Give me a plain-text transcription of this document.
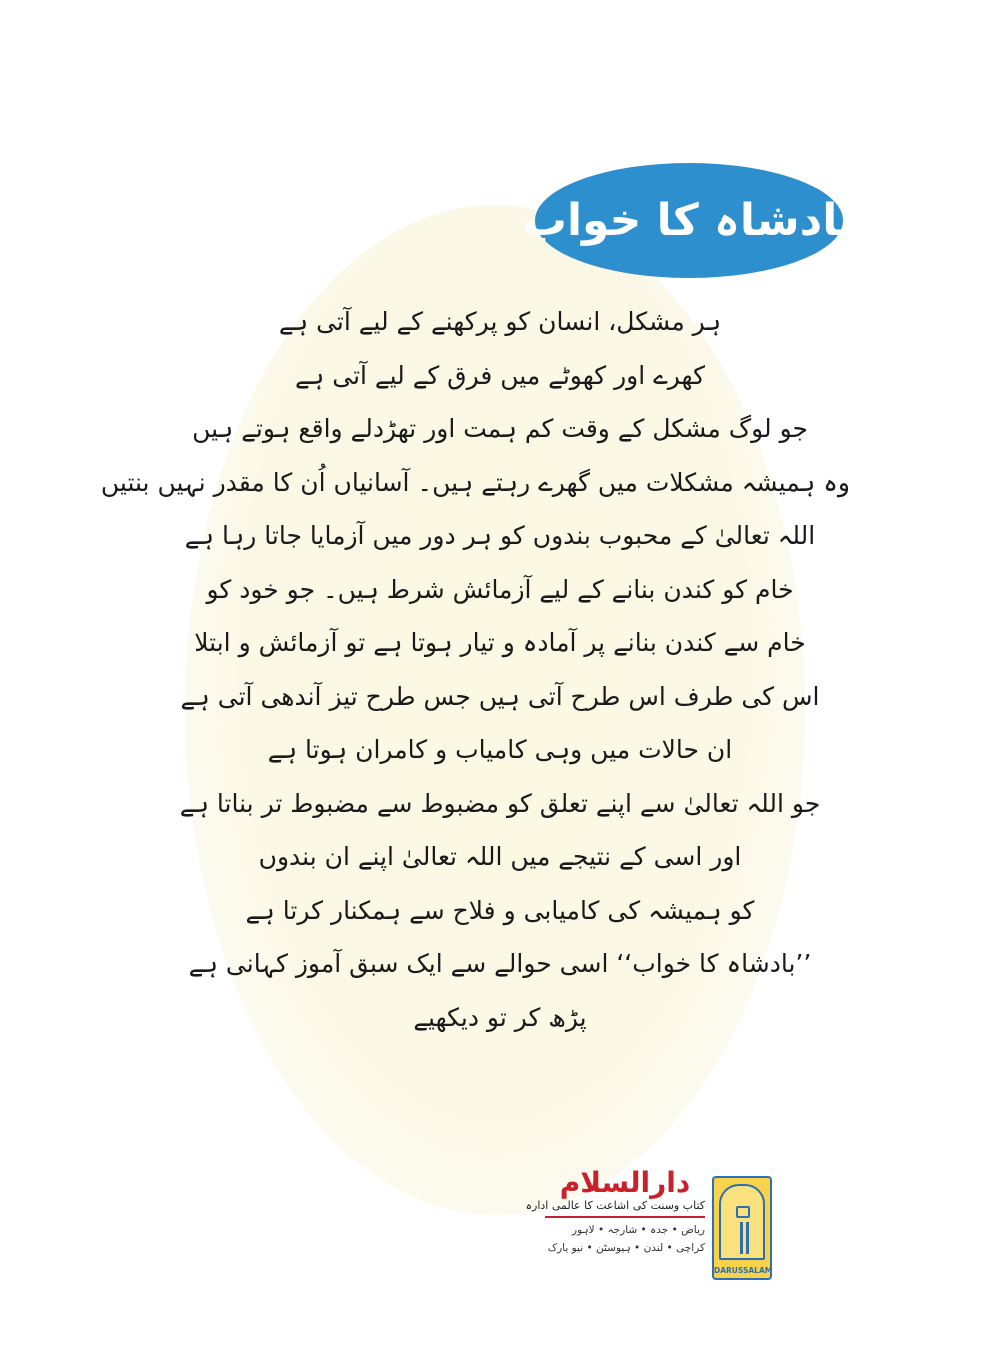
بادشاہ کا خواب
ہر مشکل، انسان کو پرکھنے کے لیے آتی ہے
کھرے اور کھوٹے میں فرق کے لیے آتی ہے
جو لوگ مشکل کے وقت کم ہمت اور تھڑدلے واقع ہوتے ہیں
وہ ہمیشہ مشکلات میں گھرے رہتے ہیں۔ آسانیاں اُن کا مقدر نہیں بنتیں
اللہ تعالیٰ کے محبوب بندوں کو ہر دور میں آزمایا جاتا رہا ہے
خام کو کندن بنانے کے لیے آزمائش شرط ہیں۔ جو خود کو
خام سے کندن بنانے پر آمادہ و تیار ہوتا ہے تو آزمائش و ابتلا
اس کی طرف اس طرح آتی ہیں جس طرح تیز آندھی آتی ہے
ان حالات میں وہی کامیاب و کامران ہوتا ہے
جو اللہ تعالیٰ سے اپنے تعلق کو مضبوط سے مضبوط تر بناتا ہے
اور اسی کے نتیجے میں اللہ تعالیٰ اپنے ان بندوں
کو ہمیشہ کی کامیابی و فلاح سے ہمکنار کرتا ہے
’’بادشاہ کا خواب‘‘ اسی حوالے سے ایک سبق آموز کہانی ہے
پڑھ کر تو دیکھیے
دارالسلام
کتاب وسنت کی اشاعت کا عالمی ادارہ
ریاض • جدہ • شارجہ • لاہور
کراچی • لندن • ہیوسٹن • نیو یارک
DARUSSALAM
